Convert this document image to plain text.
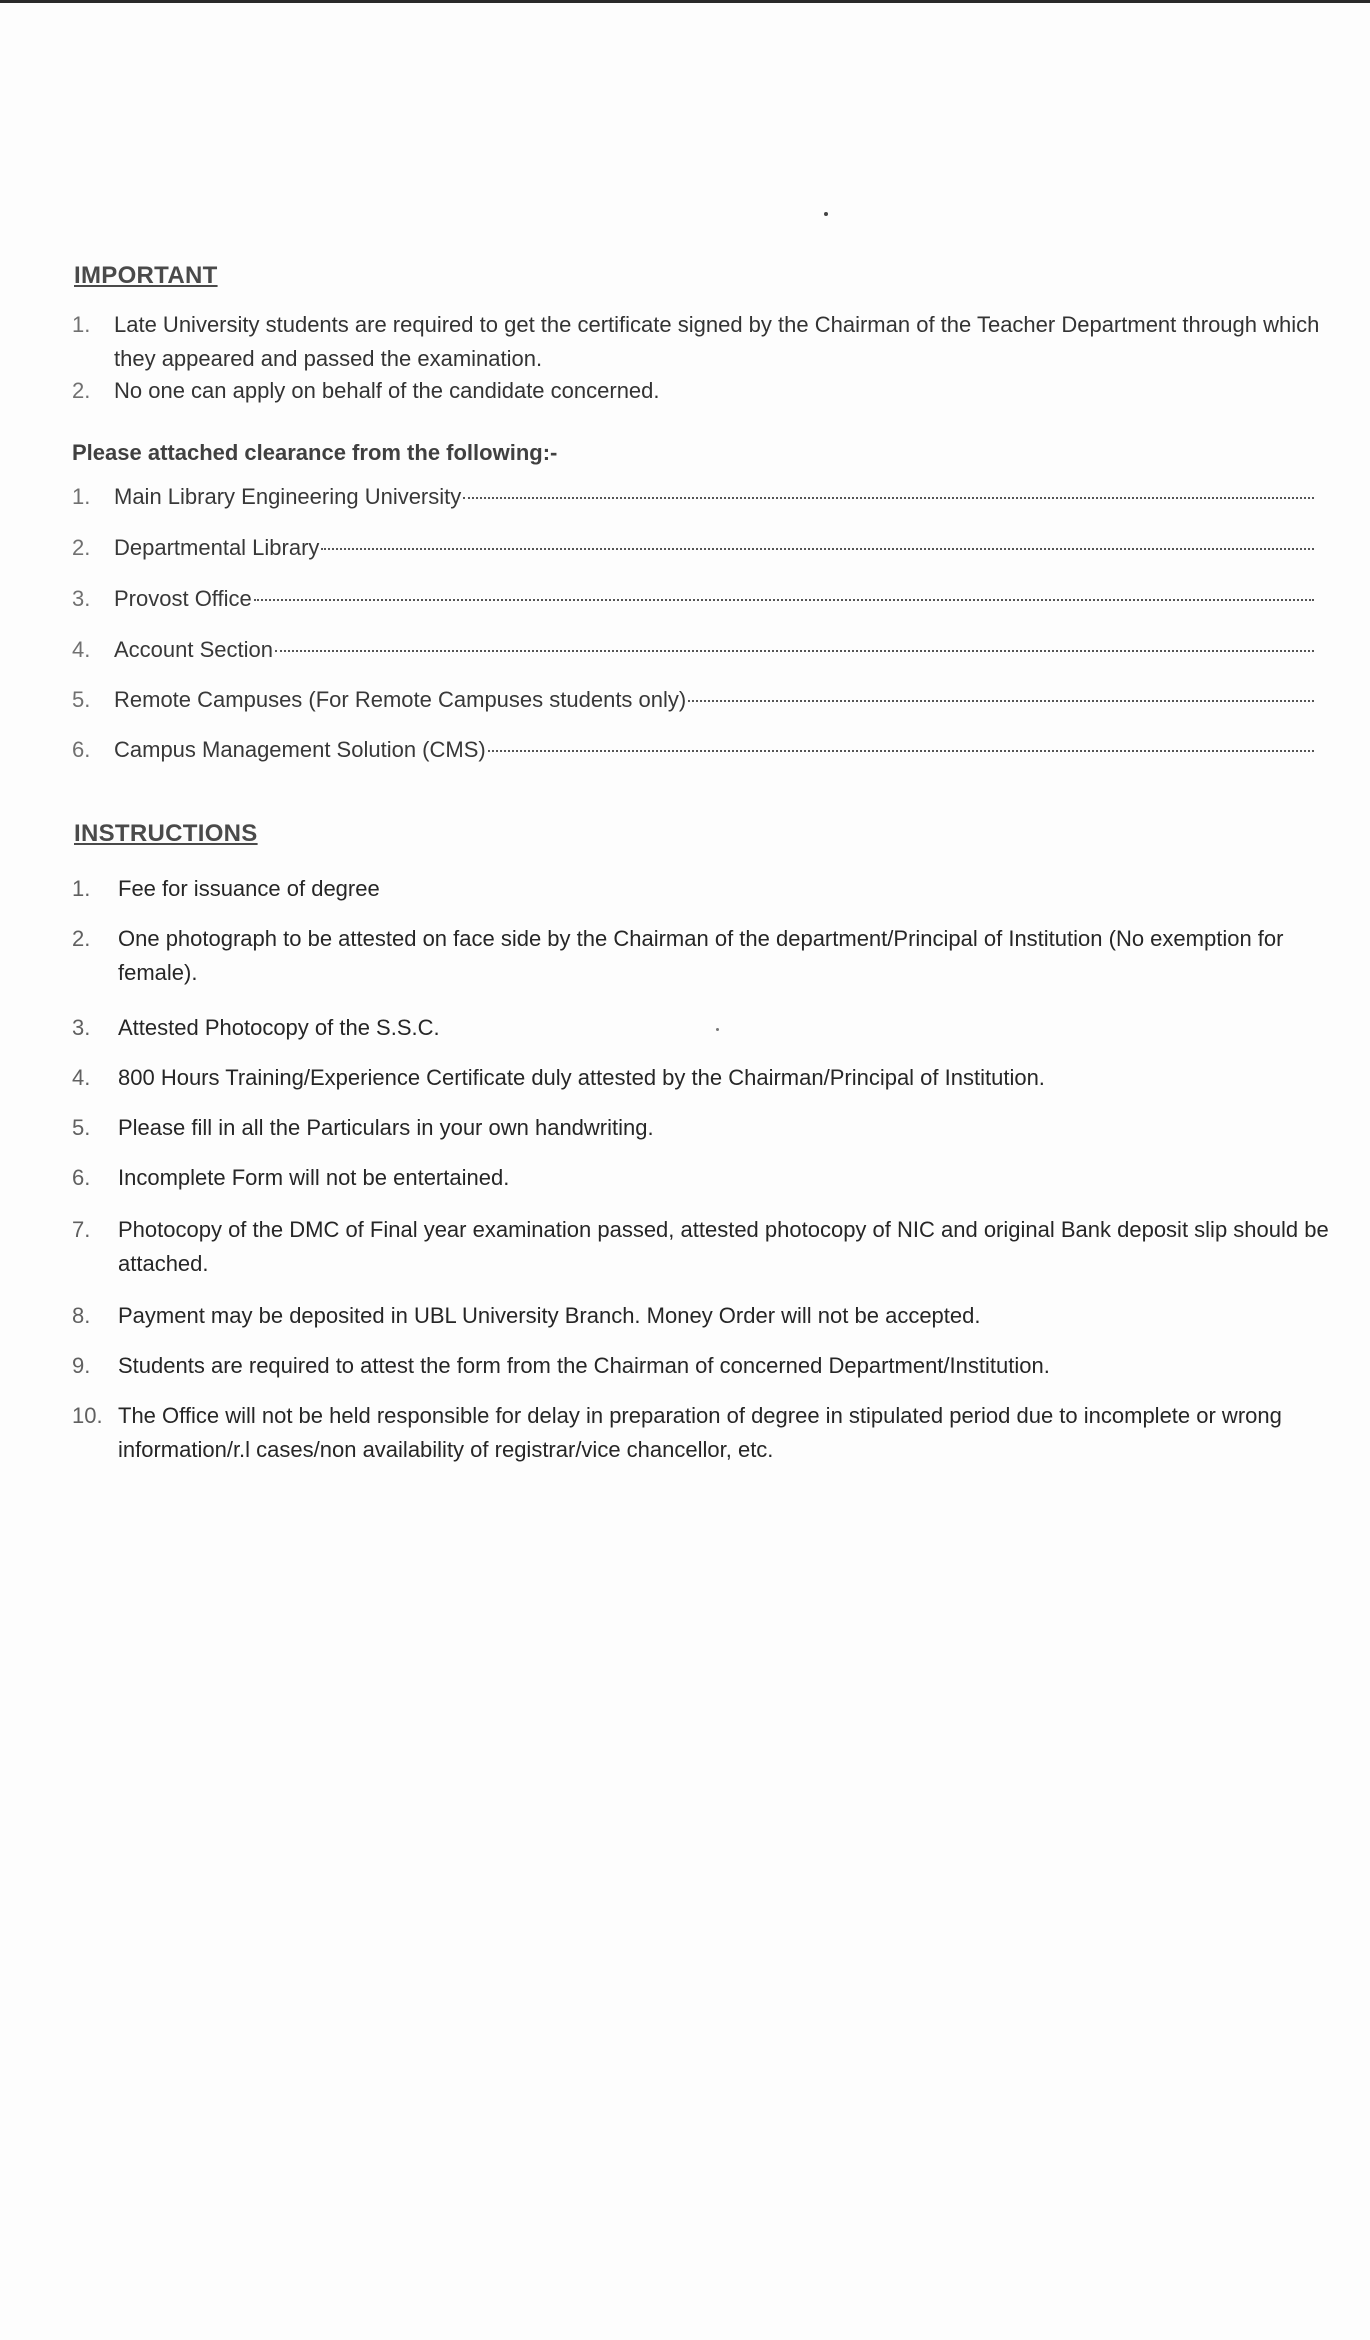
IMPORTANT
1. Late University students are required to get the certificate signed by the Chairman of the Teacher Department through which they appeared and passed the examination.
2. No one can apply on behalf of the candidate concerned.
Please attached clearance from the following:-
1.	Main Library Engineering University
2.	Departmental Library
3.	Provost Office
4.	Account Section
5.	Remote Campuses (For Remote Campuses students only)
6.	Campus Management Solution (CMS)
INSTRUCTIONS
1. Fee for issuance of degree
2. One photograph to be attested on face side by the Chairman of the department/Principal of Institution (No exemption for female).
3. Attested Photocopy of the S.S.C.
4. 800 Hours Training/Experience Certificate duly attested by the Chairman/Principal of Institution.
5. Please fill in all the Particulars in your own handwriting.
6. Incomplete Form will not be entertained.
7. Photocopy of the DMC of Final year examination passed, attested photocopy of NIC and original Bank deposit slip should be attached.
8. Payment may be deposited in UBL University Branch. Money Order will not be accepted.
9. Students are required to attest the form from the Chairman of concerned Department/Institution.
10. The Office will not be held responsible for delay in preparation of degree in stipulated period due to incomplete or wrong information/r.l cases/non availability of registrar/vice chancellor, etc.
